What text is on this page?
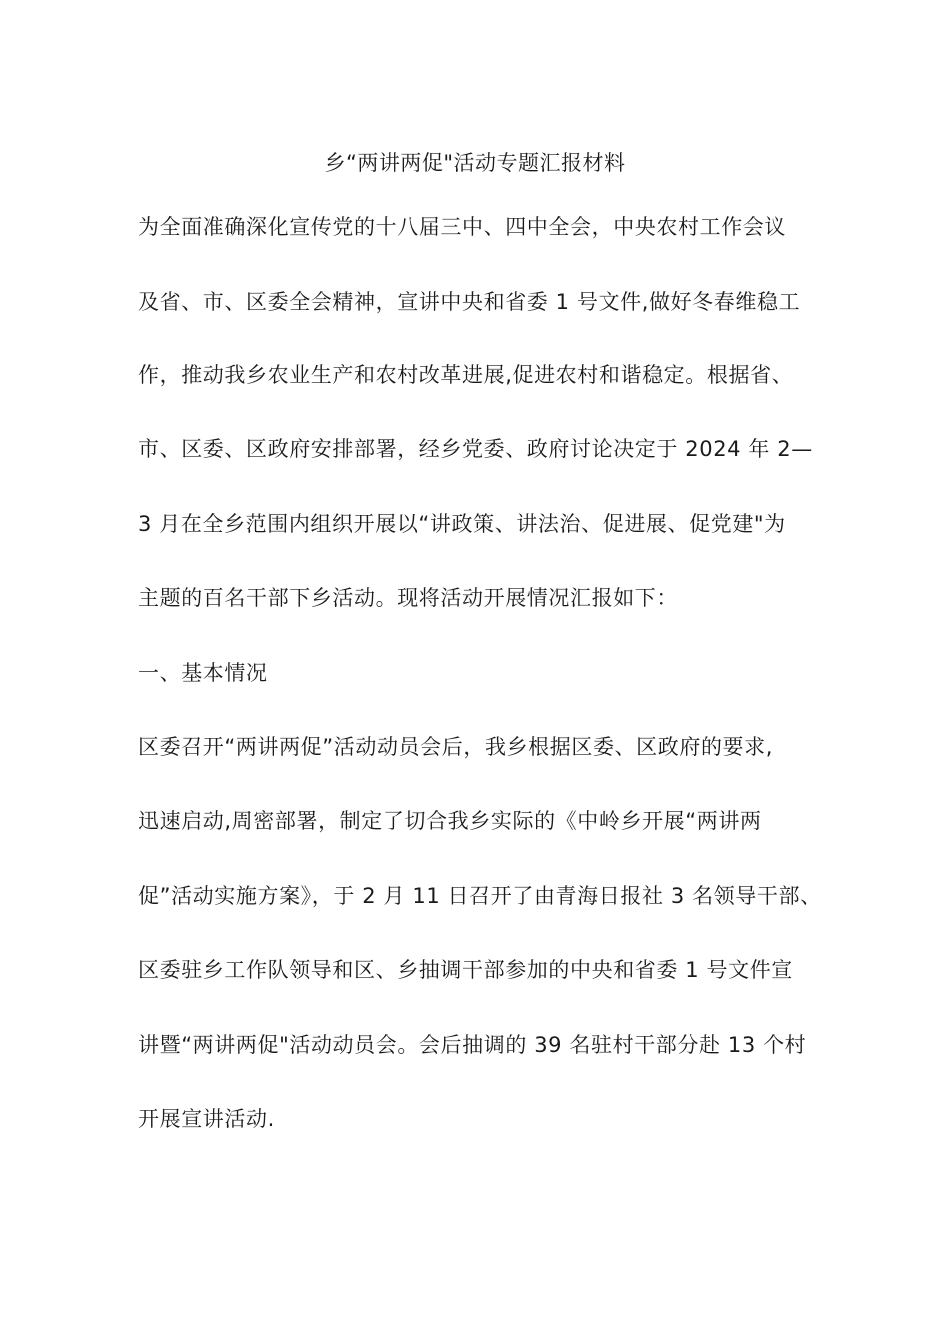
乡“两讲两促"活动专题汇报材料
为全面准确深化宣传党的十八届三中、四中全会，中央农村工作会议
及省、市、区委全会精神，宣讲中央和省委 1 号文件,做好冬春维稳工
作，推动我乡农业生产和农村改革进展,促进农村和谐稳定。根据省、
市、区委、区政府安排部署，经乡党委、政府讨论决定于 2024 年 2—
3 月在全乡范围内组织开展以“讲政策、讲法治、促进展、促党建"为
主题的百名干部下乡活动。现将活动开展情况汇报如下：
一、基本情况
区委召开“两讲两促”活动动员会后，我乡根据区委、区政府的要求,
迅速启动,周密部署，制定了切合我乡实际的《中岭乡开展“两讲两
促”活动实施方案》，于 2 月 11 日召开了由青海日报社 3 名领导干部、
区委驻乡工作队领导和区、乡抽调干部参加的中央和省委 1 号文件宣
讲暨“两讲两促"活动动员会。会后抽调的 39 名驻村干部分赴 13 个村
开展宣讲活动.
